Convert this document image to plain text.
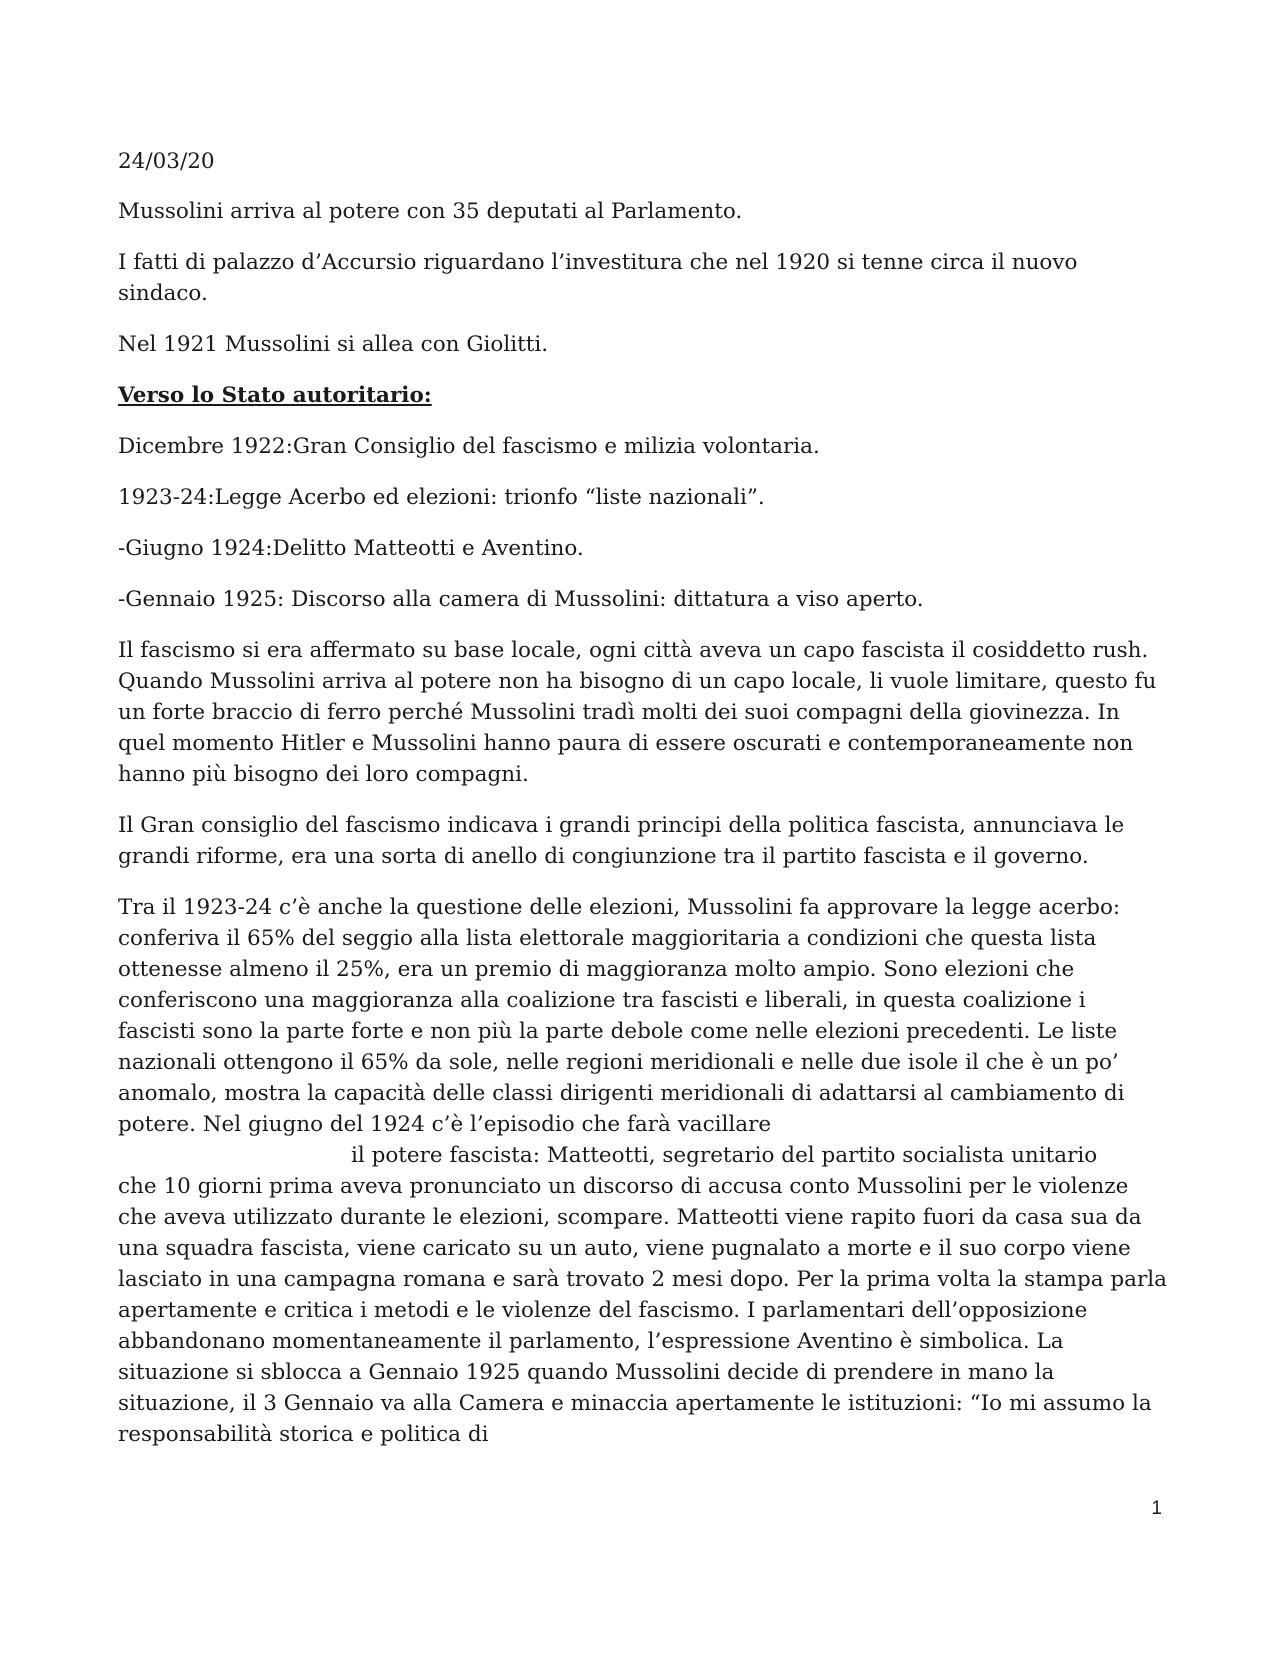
24/03/20

Mussolini arriva al potere con 35 deputati al Parlamento.

I fatti di palazzo d’Accursio riguardano l’investitura che nel 1920 si tenne circa il nuovo sindaco.

Nel 1921 Mussolini si allea con Giolitti.

Verso lo Stato autoritario:

Dicembre 1922:Gran Consiglio del fascismo e milizia volontaria.

1923-24:Legge Acerbo ed elezioni: trionfo “liste nazionali”.

-Giugno 1924:Delitto Matteotti e Aventino.

-Gennaio 1925: Discorso alla camera di Mussolini: dittatura a viso aperto.

Il fascismo si era affermato su base locale, ogni città aveva un capo fascista il cosiddetto rush. Quando Mussolini arriva al potere non ha bisogno di un capo locale, li vuole limitare, questo fu un forte braccio di ferro perché Mussolini tradì molti dei suoi compagni della giovinezza. In quel momento Hitler e Mussolini hanno paura di essere oscurati e contemporaneamente non hanno più bisogno dei loro compagni.

Il Gran consiglio del fascismo indicava i grandi principi della politica fascista, annunciava le grandi riforme, era una sorta di anello di congiunzione tra il partito fascista e il governo.

Tra il 1923-24 c’è anche la questione delle elezioni, Mussolini fa approvare la legge acerbo: conferiva il 65% del seggio alla lista elettorale maggioritaria a condizioni che questa lista ottenesse almeno il 25%, era un premio di maggioranza molto ampio. Sono elezioni che conferiscono una maggioranza alla coalizione tra fascisti e liberali, in questa coalizione i fascisti sono la parte forte e non più la parte debole come nelle elezioni precedenti. Le liste nazionali ottengono il 65% da sole, nelle regioni meridionali e nelle due isole il che è un po’ anomalo, mostra la capacità delle classi dirigenti meridionali di adattarsi al cambiamento di potere. Nel giugno del 1924 c’è l’episodio che farà vacillare
il potere fascista: Matteotti, segretario del partito socialista unitario
che 10 giorni prima aveva pronunciato un discorso di accusa conto Mussolini per le violenze che aveva utilizzato durante le elezioni, scompare. Matteotti viene rapito fuori da casa sua da una squadra fascista, viene caricato su un auto, viene pugnalato a morte e il suo corpo viene lasciato in una campagna romana e sarà trovato 2 mesi dopo. Per la prima volta la stampa parla apertamente e critica i metodi e le violenze del fascismo. I parlamentari dell’opposizione abbandonano momentaneamente il parlamento, l’espressione Aventino è simbolica. La situazione si sblocca a Gennaio 1925 quando Mussolini decide di prendere in mano la situazione, il 3 Gennaio va alla Camera e minaccia apertamente le istituzioni: “Io mi assumo la responsabilità storica e politica di

1
